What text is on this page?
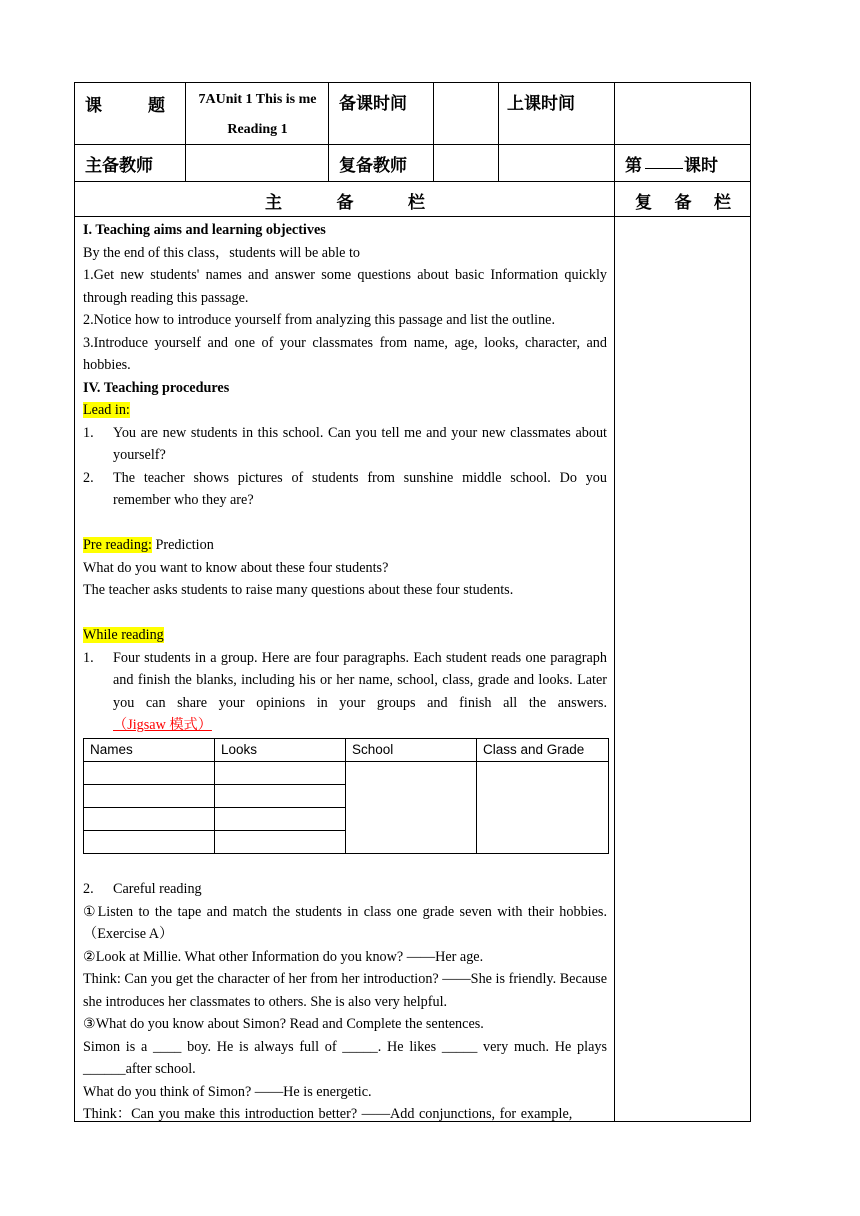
课 题	7AUnit 1 This is me
Reading 1
备课时间	上课时间
主备教师	复备教师	第 课时
主 备 栏	复 备 栏

I. Teaching aims and learning objectives

By the end of this class，students will be able to

1.Get new students' names and answer some questions about basic Information quickly through reading this passage.

2.Notice how to introduce yourself from analyzing this passage and list the outline.

3.Introduce yourself and one of your classmates from name, age, looks, character, and hobbies.

IV. Teaching procedures

Lead in:

1. You are new students in this school. Can you tell me and your new classmates about yourself?

2. The teacher shows pictures of students from sunshine middle school. Do you remember who they are?

Pre reading: Prediction

What do you want to know about these four students?

The teacher asks students to raise many questions about these four students.

While reading

1. Four students in a group. Here are four paragraphs. Each student reads one paragraph and finish the blanks, including his or her name, school, class, grade and looks. Later you can share your opinions in your groups and finish all the answers. （Jigsaw 模式）

Names	Looks	School	Class and Grade

2. Careful reading

①Listen to the tape and match the students in class one grade seven with their hobbies.（Exercise A）

②Look at Millie. What other Information do you know? ——Her age.

Think: Can you get the character of her from her introduction? ——She is friendly. Because she introduces her classmates to others. She is also very helpful.

③What do you know about Simon? Read and Complete the sentences.

Simon is a ____ boy. He is always full of _____. He likes _____ very much. He plays ______after school.

What do you think of Simon? ——He is energetic.

Think：Can you make this introduction better? ——Add conjunctions, for example,
